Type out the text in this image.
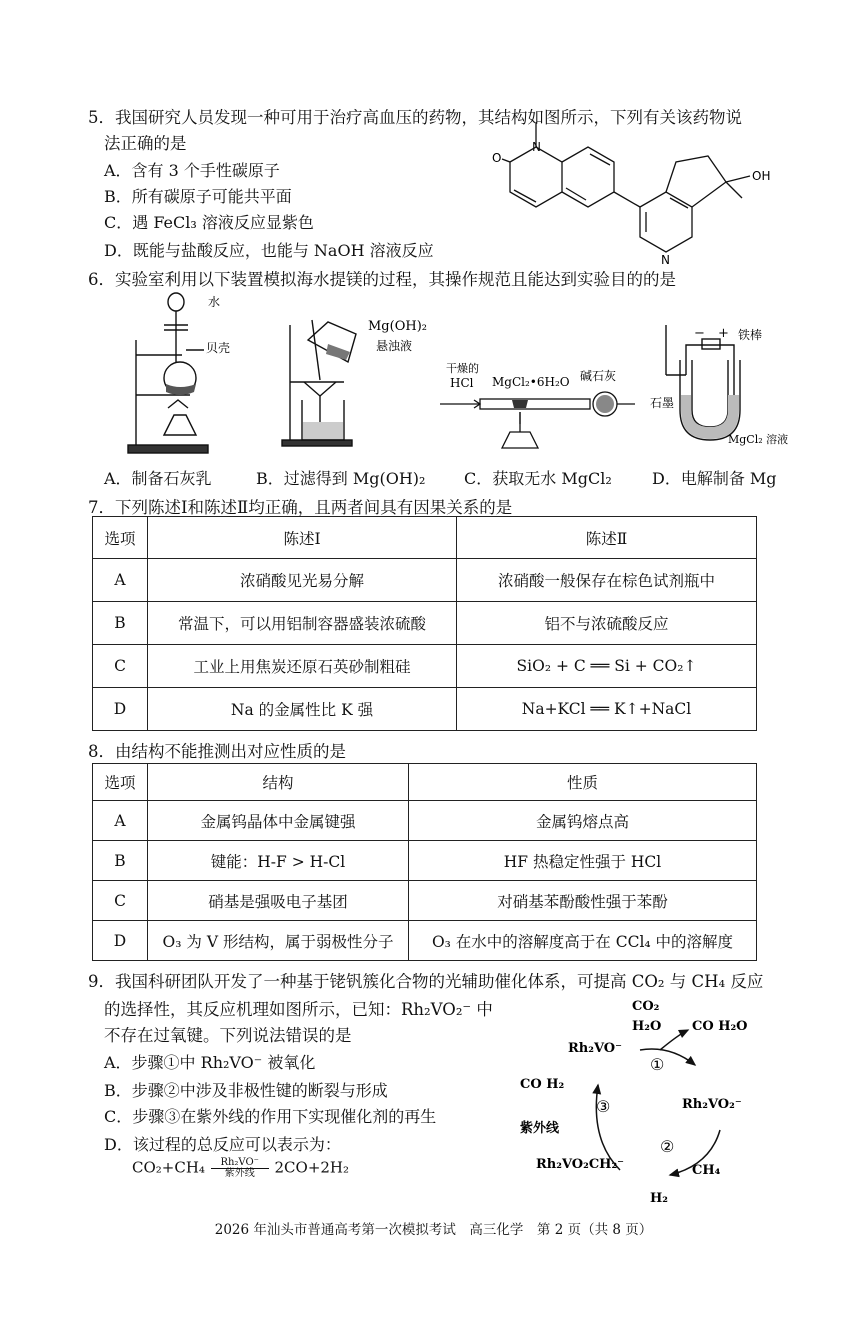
5．我国研究人员发现一种可用于治疗高血压的药物，其结构如图所示，下列有关该药物说
法正确的是
A．含有 3 个手性碳原子
B．所有碳原子可能共平面
C．遇 FeCl₃ 溶液反应显紫色
D．既能与盐酸反应，也能与 NaOH 溶液反应
O
N
N
OH
6．实验室利用以下装置模拟海水提镁的过程，其操作规范且能达到实验目的的是
水
贝壳
Mg(OH)₂
悬浊液
干燥的
HCl MgCl₂•6H₂O 碱石灰
− + 铁棒
石墨
MgCl₂ 溶液
A．制备石灰乳	B．过滤得到 Mg(OH)₂ C．获取无水 MgCl₂	D．电解制备 Mg
7．下列陈述Ⅰ和陈述Ⅱ均正确，且两者间具有因果关系的是
选项	陈述Ⅰ	陈述Ⅱ
A	浓硝酸见光易分解	浓硝酸一般保存在棕色试剂瓶中
B	常温下，可以用铝制容器盛装浓硫酸	铝不与浓硫酸反应
C	工业上用焦炭还原石英砂制粗硅	SiO₂ + C ══ Si + CO₂↑
D	Na 的金属性比 K 强	Na+KCl ══ K↑+NaCl
8．由结构不能推测出对应性质的是
选项	结构	性质
A	金属钨晶体中金属键强	金属钨熔点高
B	键能：H-F > H-Cl	HF 热稳定性强于 HCl
C	硝基是强吸电子基团	对硝基苯酚酸性强于苯酚
D	O₃ 为 V 形结构，属于弱极性分子	O₃ 在水中的溶解度高于在 CCl₄ 中的溶解度
9．我国科研团队开发了一种基于铑钒簇化合物的光辅助催化体系，可提高 CO₂ 与 CH₄ 反应
的选择性，其反应机理如图所示，已知：Rh₂VO₂⁻ 中
不存在过氧键。下列说法错误的是
A．步骤①中 Rh₂VO⁻ 被氧化
B．步骤②中涉及非极性键的断裂与形成
C．步骤③在紫外线的作用下实现催化剂的再生
D．该过程的总反应可以表示为：
CO₂+CH₄	Rh₂VO⁻
紫外线	2CO+2H₂
CO₂
H₂O CO H₂O
Rh₂VO⁻
Rh₂VO₂⁻
Rh₂VO₂CH₂⁻
CO H₂
紫外线
CH₄
H₂
①
②
③
2026 年汕头市普通高考第一次模拟考试　高三化学　第 2 页（共 8 页）
